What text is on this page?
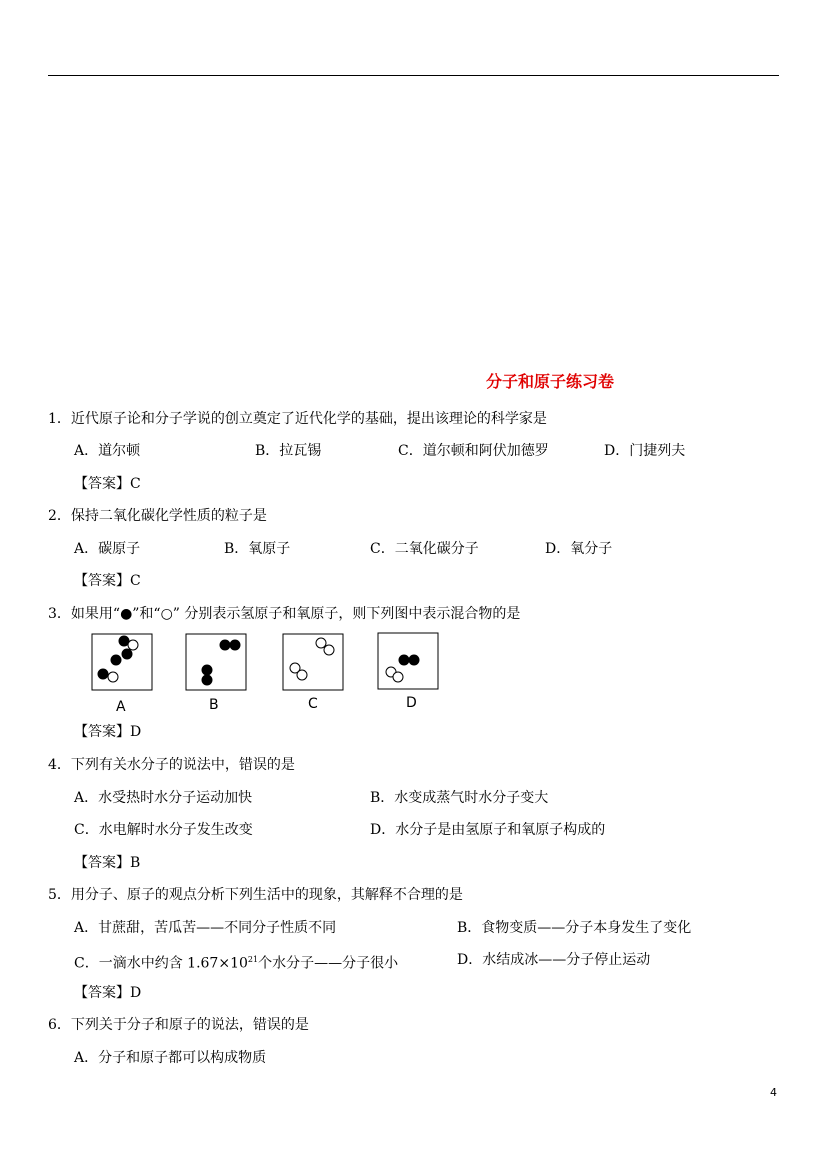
分子和原子练习卷
1．近代原子论和分子学说的创立奠定了近代化学的基础，提出该理论的科学家是
A．道尔顿	B．拉瓦锡	C．道尔顿和阿伏加德罗	D．门捷列夫
【答案】C
2．保持二氧化碳化学性质的粒子是
A．碳原子	B．氧原子	C．二氧化碳分子	D．氧分子
【答案】C
3．如果用“●”和“○” 分别表示氢原子和氧原子，则下列图中表示混合物的是
A	B	C	D
【答案】D
4．下列有关水分子的说法中，错误的是
A．水受热时水分子运动加快	B．水变成蒸气时水分子变大
C．水电解时水分子发生改变	D．水分子是由氢原子和氧原子构成的
【答案】B
5．用分子、原子的观点分析下列生活中的现象，其解释不合理的是
A．甘蔗甜，苦瓜苦——不同分子性质不同	B．食物变质——分子本身发生了变化
C．一滴水中约含 $1.67\times 10^{21}$个水分子——分子很小	D．水结成冰——分子停止运动
【答案】D
6．下列关于分子和原子的说法，错误的是
A．分子和原子都可以构成物质
4
